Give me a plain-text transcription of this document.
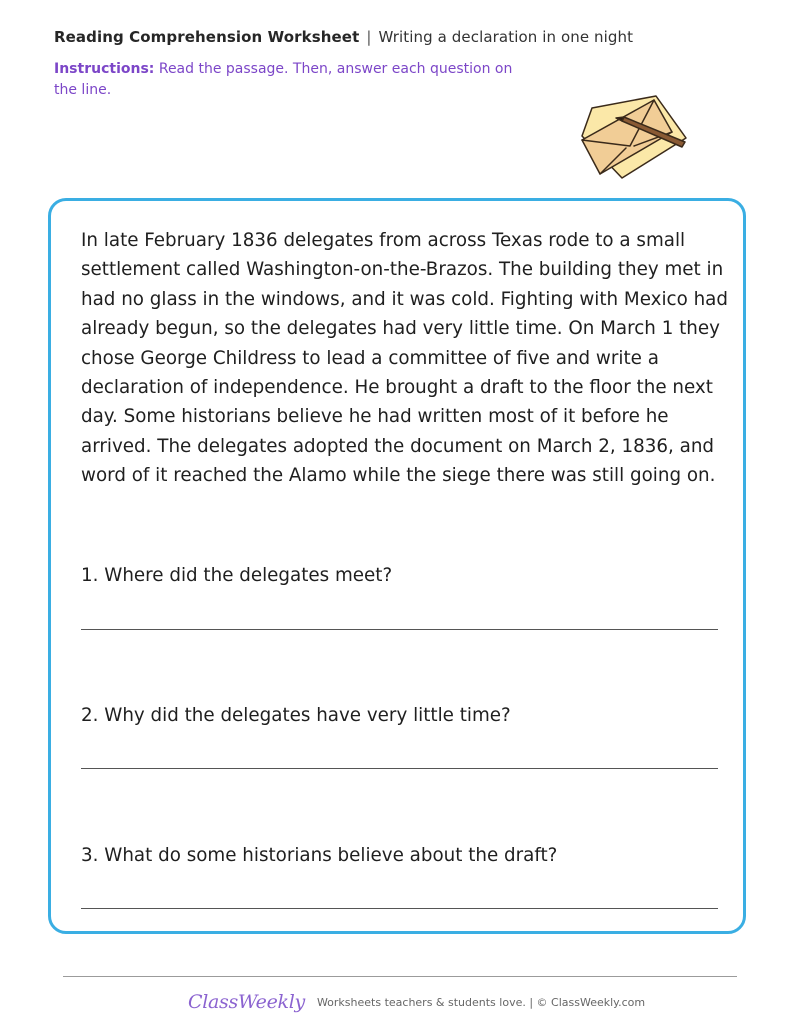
Reading Comprehension Worksheet | Writing a declaration in one night
Instructions: Read the passage. Then, answer each question on the line.

In late February 1836 delegates from across Texas rode to a small settlement called Washington-on-the-Brazos. The building they met in had no glass in the windows, and it was cold. Fighting with Mexico had already begun, so the delegates had very little time. On March 1 they chose George Childress to lead a committee of five and write a declaration of independence. He brought a draft to the floor the next day. Some historians believe he had written most of it before he arrived. The delegates adopted the document on March 2, 1836, and word of it reached the Alamo while the siege there was still going on.

1. Where did the delegates meet?
2. Why did the delegates have very little time?
3. What do some historians believe about the draft?
ClassWeekly Worksheets teachers & students love. | © ClassWeekly.com
